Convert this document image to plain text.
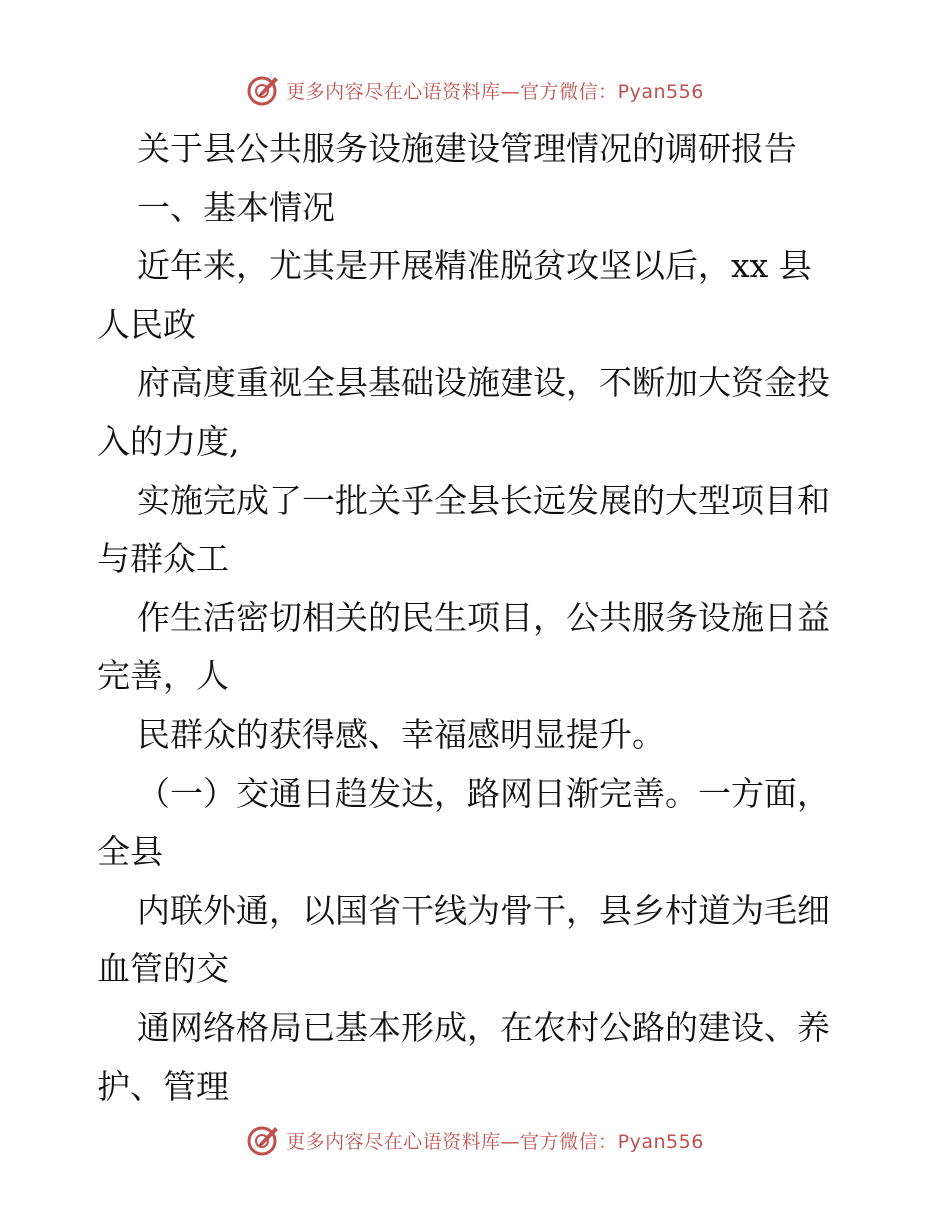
更多内容尽在心语资料库—官方微信：Pyan556
关于县公共服务设施建设管理情况的调研报告
一、基本情况
近年来，尤其是开展精准脱贫攻坚以后，xx 县
人民政
府高度重视全县基础设施建设，不断加大资金投
入的力度,
实施完成了一批关乎全县长远发展的大型项目和
与群众工
作生活密切相关的民生项目，公共服务设施日益
完善，人
民群众的获得感、幸福感明显提升。
（一）交通日趋发达，路网日渐完善。一方面，
全县
内联外通，以国省干线为骨干，县乡村道为毛细
血管的交
通网络格局已基本形成，在农村公路的建设、养
护、管理
更多内容尽在心语资料库—官方微信：Pyan556
